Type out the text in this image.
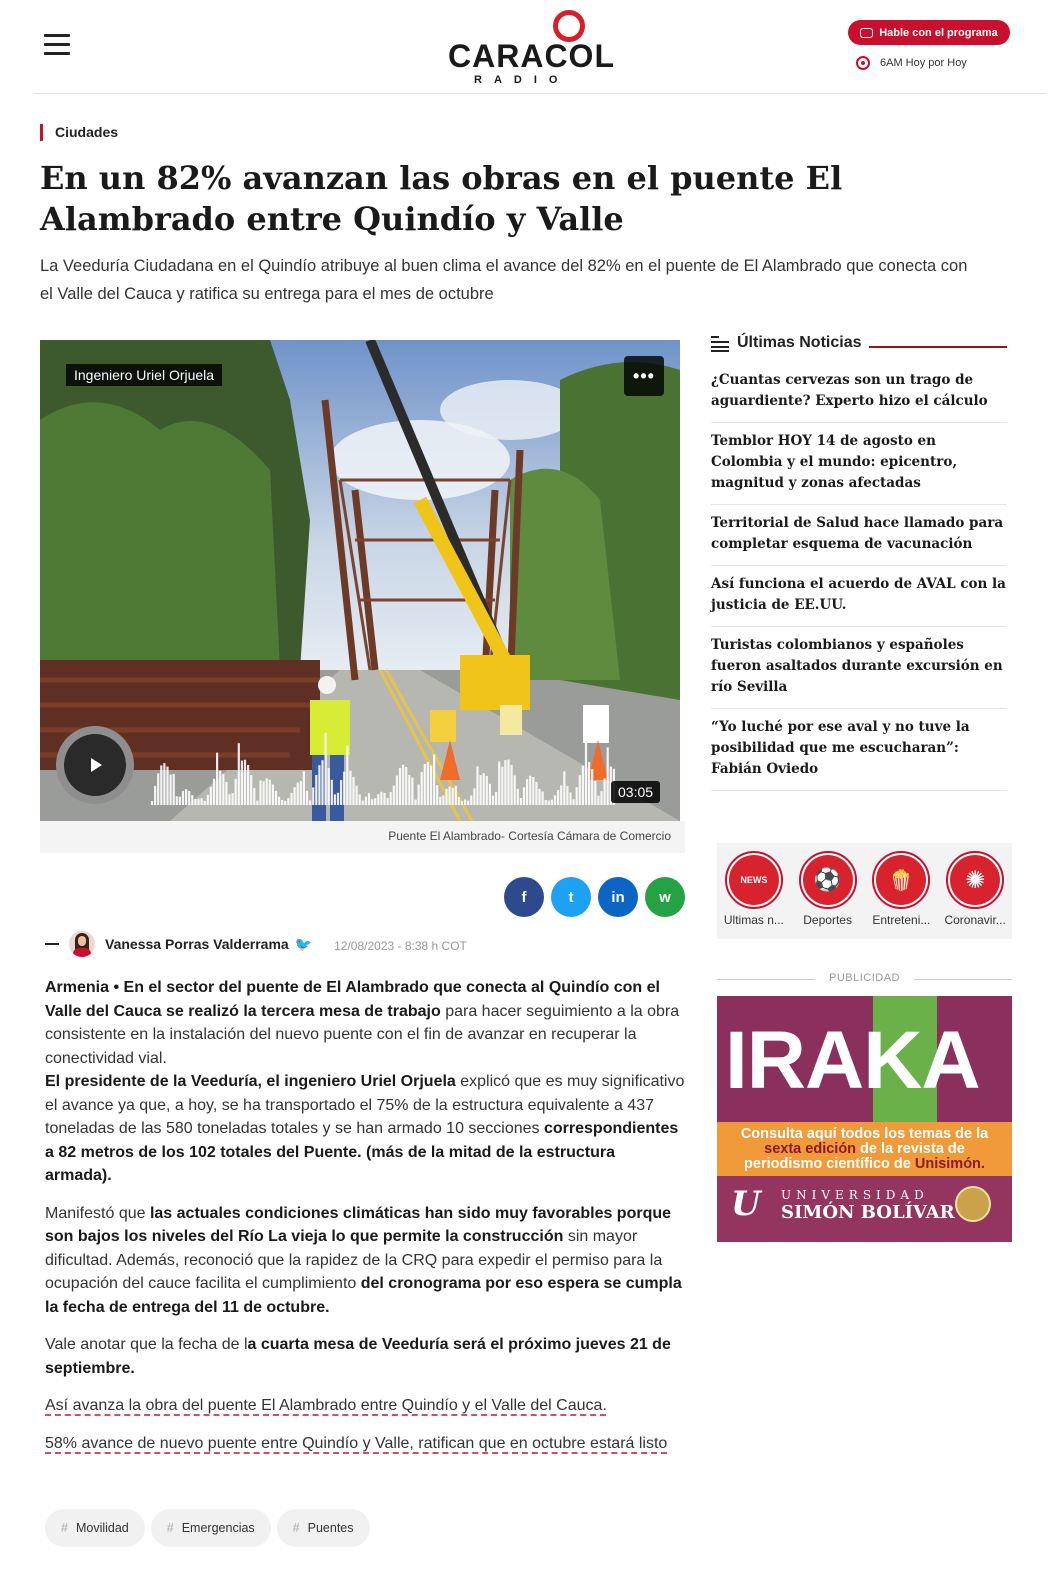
CARACOL
RADIO
Hable con el programa
6AM Hoy por Hoy
Ciudades
En un 82% avanzan las obras en el puente El Alambrado entre Quindío y Valle

La Veeduría Ciudadana en el Quindío atribuye al buen clima el avance del 82% en el puente de El Alambrado que conecta con el Valle del Cauca y ratifica su entrega para el mes de octubre

Ingeniero Uriel Orjuela	•••
03:05
Puente El Alambrado- Cortesía Cámara de Comercio
f	t	in w
Vanessa Porras Valderrama 🐦 12/08/2023 - 8:38 h COT

Armenia • En el sector del puente de El Alambrado que conecta al Quindío con el Valle del Cauca se realizó la tercera mesa de trabajo para hacer seguimiento a la obra consistente en la instalación del nuevo puente con el fin de avanzar en recuperar la conectividad vial.
El presidente de la Veeduría, el ingeniero Uriel Orjuela explicó que es muy significativo el avance ya que, a hoy, se ha transportado el 75% de la estructura equivalente a 437 toneladas de las 580 toneladas totales y se han armado 10 secciones correspondientes a 82 metros de los 102 totales del Puente. (más de la mitad de la estructura armada).

Manifestó que las actuales condiciones climáticas han sido muy favorables porque son bajos los niveles del Río La vieja lo que permite la construcción sin mayor dificultad. Además, reconoció que la rapidez de la CRQ para expedir el permiso para la ocupación del cauce facilita el cumplimiento del cronograma por eso espera se cumpla la fecha de entrega del 11 de octubre.

Vale anotar que la fecha de la cuarta mesa de Veeduría será el próximo jueves 21 de septiembre.

Así avanza la obra del puente El Alambrado entre Quindío y el Valle del Cauca.
58% avance de nuevo puente entre Quindío y Valle, ratifican que en octubre estará listo
# Movilidad	# Emergencias	# Puentes
Últimas Noticias
¿Cuantas cervezas son un trago de aguardiente? Experto hizo el cálculo
Temblor HOY 14 de agosto en Colombia y el mundo: epicentro, magnitud y zonas afectadas
Territorial de Salud hace llamado para completar esquema de vacunación
Así funciona el acuerdo de AVAL con la justicia de EE.UU.
Turistas colombianos y españoles fueron asaltados durante excursión en río Sevilla
“Yo luché por ese aval y no tuve la posibilidad que me escucharan”: Fabián Oviedo
NEWS
Ultimas n...
⚽
Deportes
🍿
Entreteni...
✺
Coronavir...
PUBLICIDAD
IRAKA
Consulta aquí todos los temas de la
sexta edición de la revista de
periodismo científico de Unisimón.
U UNIVERSIDAD
SIMÓN BOLÍVAR
